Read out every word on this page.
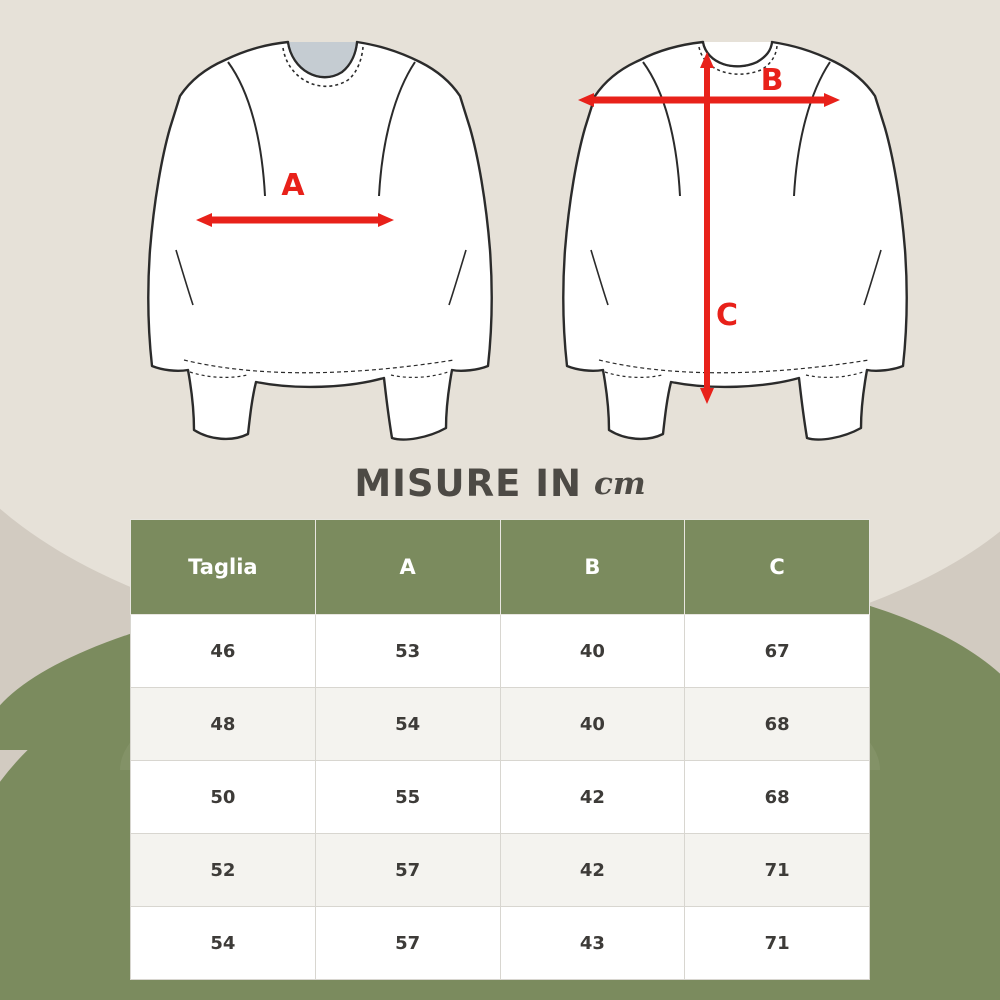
A
B
C
MISURE IN cm
Taglia	A	B	C
46	53	40	67
48	54	40	68
50	55	42	68
52	57	42	71
54	57	43	71
